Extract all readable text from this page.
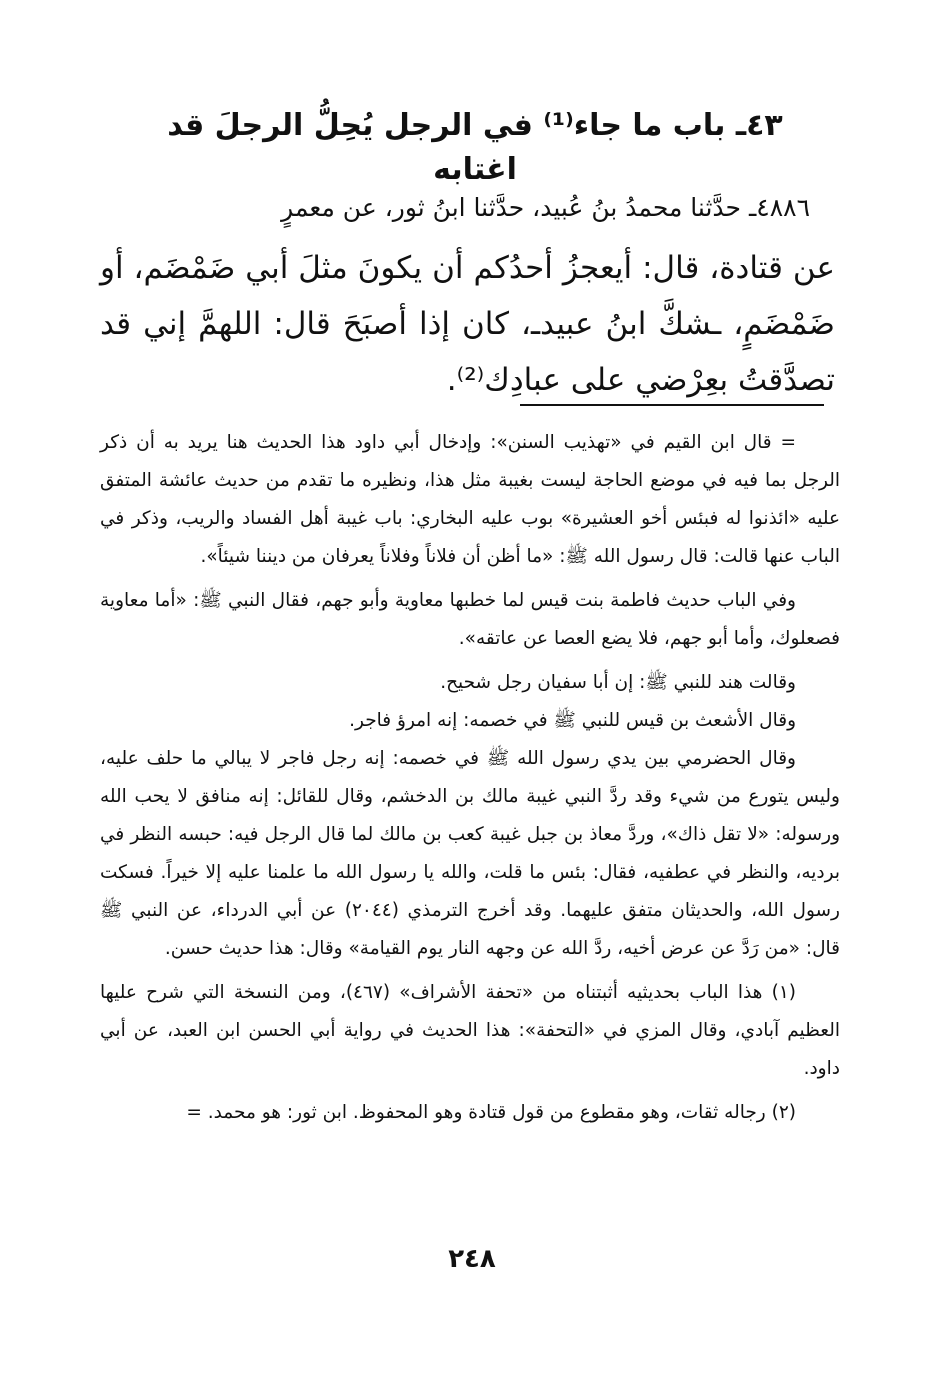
٤٣ـ باب ما جاء⁽¹⁾ في الرجل يُحِلُّ الرجلَ قد اغتابه
٤٨٨٦ـ حدَّثنا محمدُ بنُ عُبيد، حدَّثنا ابنُ ثور، عن معمرٍ
عن قتادة، قال: أيعجزُ أحدُكم أن يكونَ مثلَ أبي ضَمْضَم، أو ضَمْضَمٍ، ـشكَّ ابنُ عبيدـ، كان إذا أصبَحَ قال: اللهمَّ إني قد تصدَّقتُ بعِرْضي على عبادِك⁽²⁾.

= قال ابن القيم في «تهذيب السنن»: وإدخال أبي داود هذا الحديث هنا يريد به أن ذكر الرجل بما فيه في موضع الحاجة ليست بغيبة مثل هذا، ونظيره ما تقدم من حديث عائشة المتفق عليه «ائذنوا له فبئس أخو العشيرة» بوب عليه البخاري: باب غيبة أهل الفساد والريب، وذكر في الباب عنها قالت: قال رسول الله ﷺ: «ما أظن أن فلاناً وفلاناً يعرفان من ديننا شيئاً».

وفي الباب حديث فاطمة بنت قيس لما خطبها معاوية وأبو جهم، فقال النبي ﷺ: «أما معاوية فصعلوك، وأما أبو جهم، فلا يضع العصا عن عاتقه».

وقالت هند للنبي ﷺ: إن أبا سفيان رجل شحيح.

وقال الأشعث بن قيس للنبي ﷺ في خصمه: إنه امرؤ فاجر.

وقال الحضرمي بين يدي رسول الله ﷺ في خصمه: إنه رجل فاجر لا يبالي ما حلف عليه، وليس يتورع من شيء وقد ردَّ النبي غيبة مالك بن الدخشم، وقال للقائل: إنه منافق لا يحب الله ورسوله: «لا تقل ذاك»، وردَّ معاذ بن جبل غيبة كعب بن مالك لما قال الرجل فيه: حبسه النظر في برديه، والنظر في عطفيه، فقال: بئس ما قلت، والله يا رسول الله ما علمنا عليه إلا خيراً. فسكت رسول الله، والحديثان متفق عليهما. وقد أخرج الترمذي (٢٠٤٤) عن أبي الدرداء، عن النبي ﷺ قال: «من رَدَّ عن عرض أخيه، ردَّ الله عن وجهه النار يوم القيامة» وقال: هذا حديث حسن.

(١) هذا الباب بحديثيه أثبتناه من «تحفة الأشراف» (٤٦٧)، ومن النسخة التي شرح عليها العظيم آبادي، وقال المزي في «التحفة»: هذا الحديث في رواية أبي الحسن ابن العبد، عن أبي داود.

(٢) رجاله ثقات، وهو مقطوع من قول قتادة وهو المحفوظ. ابن ثور: هو محمد. =

٢٤٨
